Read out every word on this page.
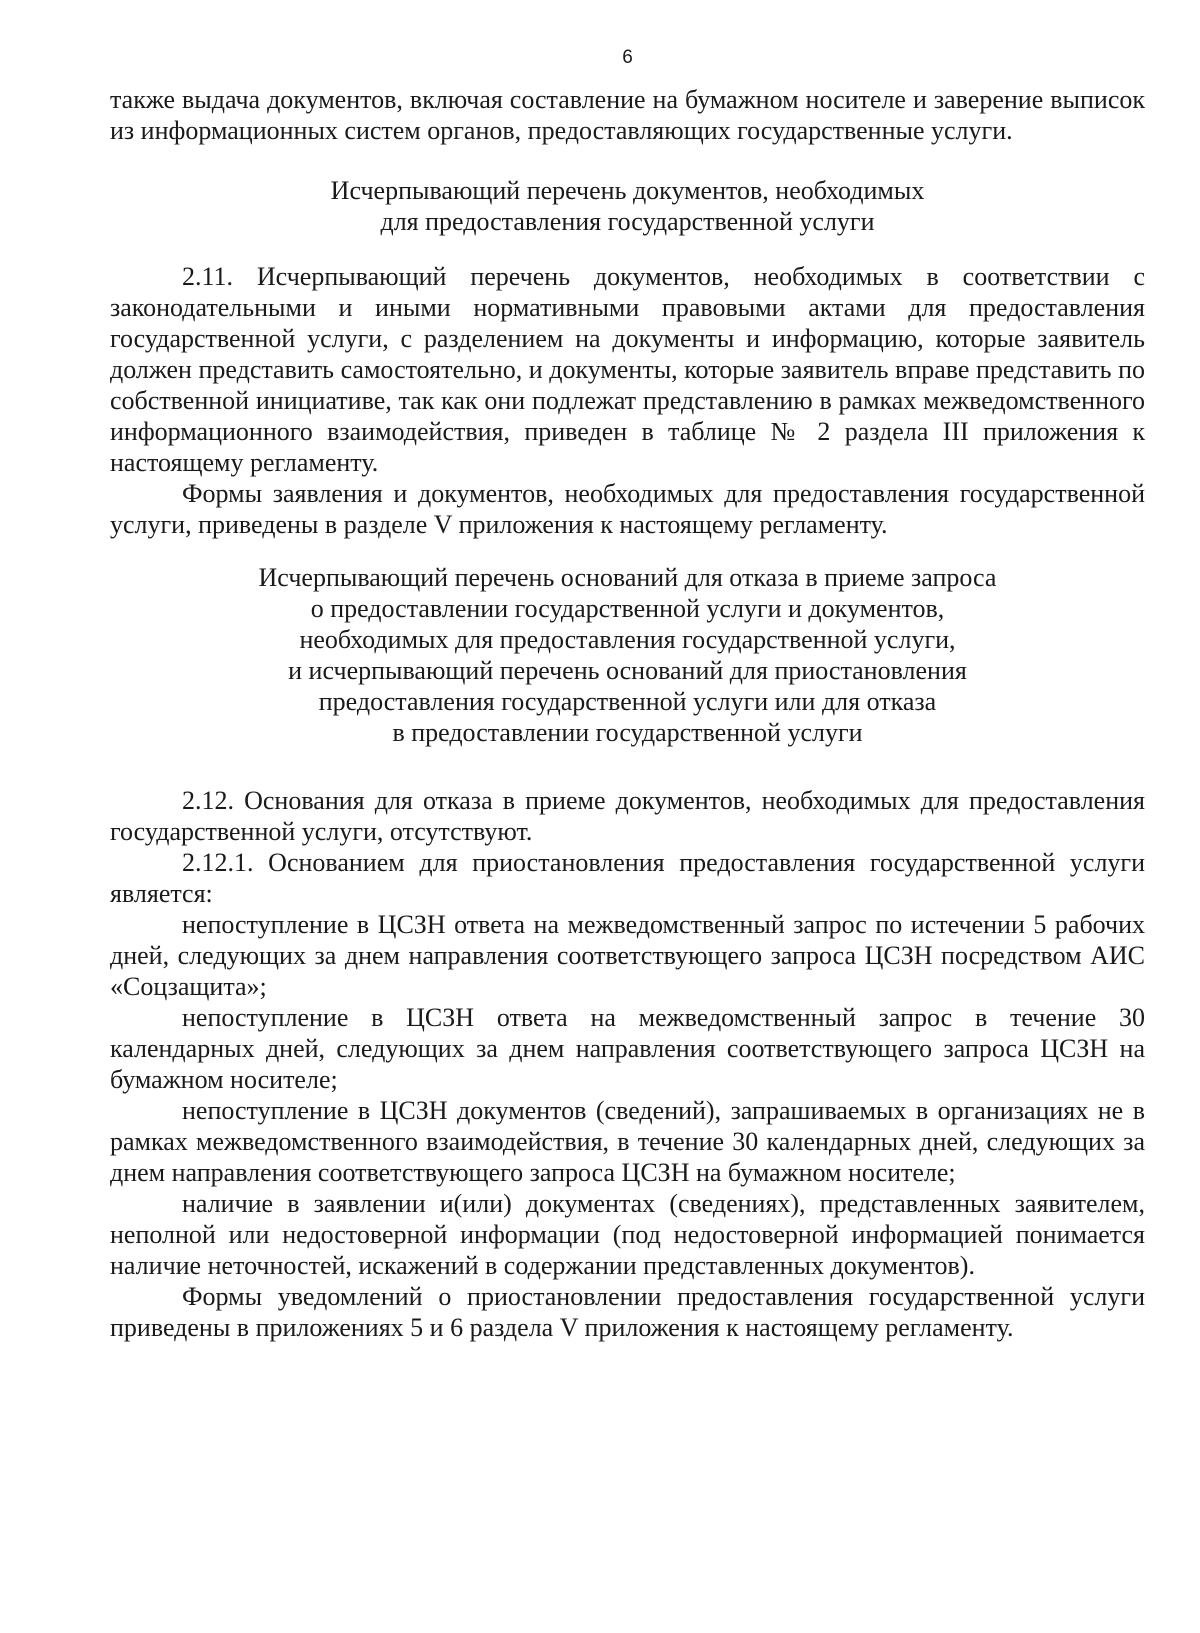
6

также выдача документов, включая составление на бумажном носителе и заверение выписок из информационных систем органов, предоставляющих государственные услуги.

Исчерпывающий перечень документов, необходимых
для предоставления государственной услуги

2.11. Исчерпывающий перечень документов, необходимых в соответствии с законодательными и иными нормативными правовыми актами для предоставления государственной услуги, с разделением на документы и информацию, которые заявитель должен представить самостоятельно, и документы, которые заявитель вправе представить по собственной инициативе, так как они подлежат представлению в рамках межведомственного информационного взаимодействия, приведен в таблице № 2 раздела III приложения к настоящему регламенту.

Формы заявления и документов, необходимых для предоставления государственной услуги, приведены в разделе V приложения к настоящему регламенту.

Исчерпывающий перечень оснований для отказа в приеме запроса
о предоставлении государственной услуги и документов,
необходимых для предоставления государственной услуги,
и исчерпывающий перечень оснований для приостановления
предоставления государственной услуги или для отказа
в предоставлении государственной услуги

2.12. Основания для отказа в приеме документов, необходимых для предоставления государственной услуги, отсутствуют.

2.12.1. Основанием для приостановления предоставления государственной услуги является:

непоступление в ЦСЗН ответа на межведомственный запрос по истечении 5 рабочих дней, следующих за днем направления соответствующего запроса ЦСЗН посредством АИС «Соцзащита»;

непоступление в ЦСЗН ответа на межведомственный запрос в течение 30 календарных дней, следующих за днем направления соответствующего запроса ЦСЗН на бумажном носителе;

непоступление в ЦСЗН документов (сведений), запрашиваемых в организациях не в рамках межведомственного взаимодействия, в течение 30 календарных дней, следующих за днем направления соответствующего запроса ЦСЗН на бумажном носителе;

наличие в заявлении и(или) документах (сведениях), представленных заявителем, неполной или недостоверной информации (под недостоверной информацией понимается наличие неточностей, искажений в содержании представленных документов).

Формы уведомлений о приостановлении предоставления государственной услуги приведены в приложениях 5 и 6 раздела V приложения к настоящему регламенту.
